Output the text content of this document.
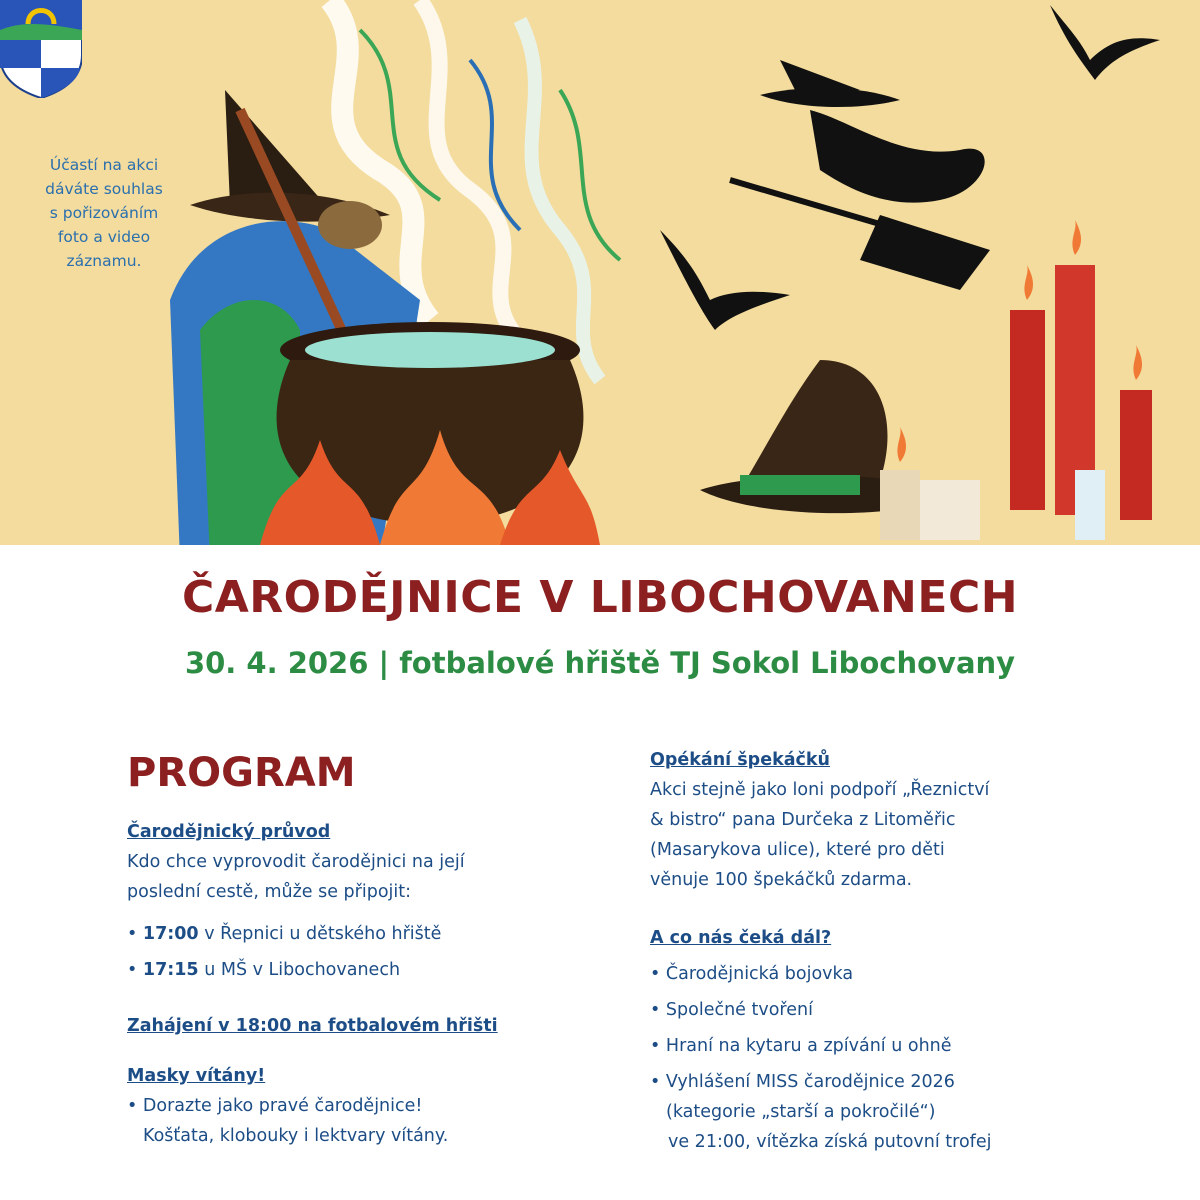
Účastí na akci
dáváte souhlas
s pořizováním
foto a video
záznamu.
ČARODĚJNICE V LIBOCHOVANECH
30. 4. 2026 | fotbalové hřiště TJ Sokol Libochovany
PROGRAM
Čarodějnický průvod
Kdo chce vyprovodit čarodějnici na její
poslední cestě, může se připojit:
• 17:00 v Řepnici u dětského hřiště
• 17:15 u MŠ v Libochovanech
Zahájení v 18:00 na fotbalovém hřišti
Masky vítány!
• Dorazte jako pravé čarodějnice!
Košťata, klobouky i lektvary vítány.
Opékání špekáčků
Akci stejně jako loni podpoří „Řeznictví
& bistro“ pana Durčeka z Litoměřic
(Masarykova ulice), které pro děti
věnuje 100 špekáčků zdarma.
A co nás čeká dál?
• Čarodějnická bojovka
• Společné tvoření
• Hraní na kytaru a zpívání u ohně
• Vyhlášení MISS čarodějnice 2026
(kategorie „starší a pokročilé“)
ve 21:00, vítězka získá putovní trofej
